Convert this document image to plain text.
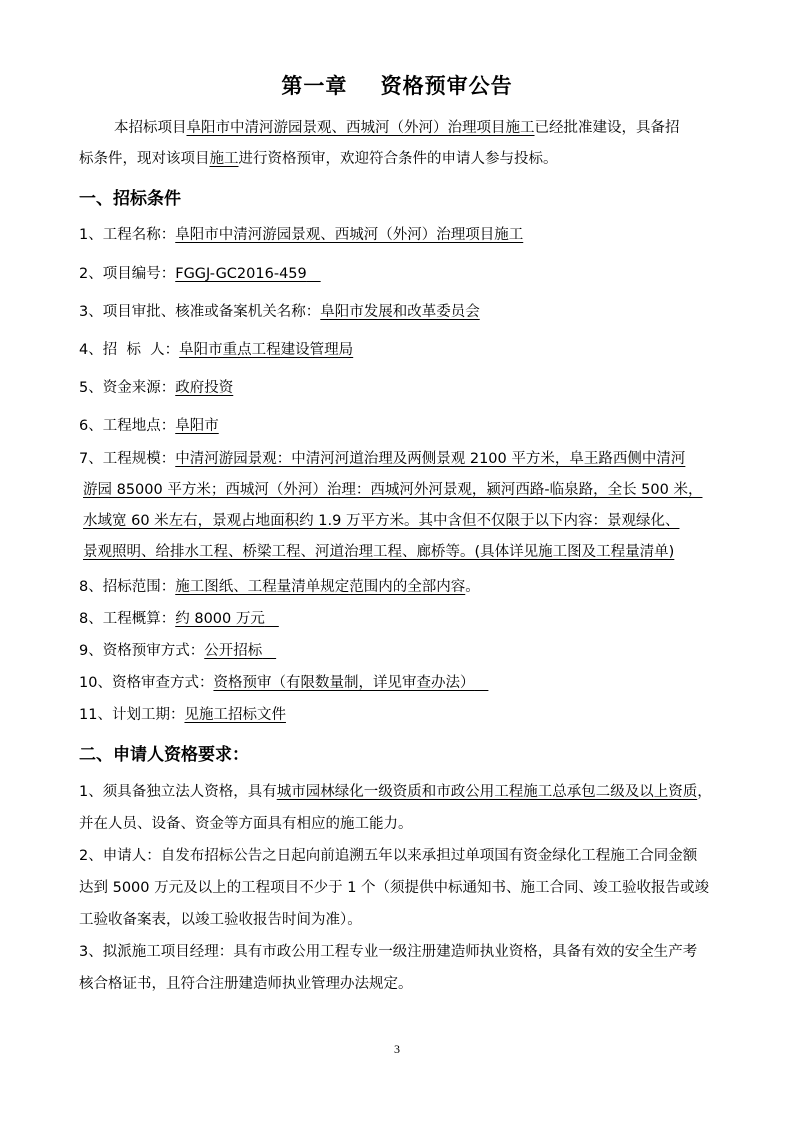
第一章    资格预审公告
本招标项目阜阳市中清河游园景观、西城河（外河）治理项目施工已经批准建设，具备招
标条件，现对该项目施工进行资格预审，欢迎符合条件的申请人参与投标。
一、招标条件
1、工程名称：阜阳市中清河游园景观、西城河（外河）治理项目施工
2、项目编号：FGGJ-GC2016-459
3、项目审批、核准或备案机关名称：阜阳市发展和改革委员会
4、招  标  人：阜阳市重点工程建设管理局
5、资金来源：政府投资
6、工程地点：阜阳市
7、工程规模：中清河游园景观：中清河河道治理及两侧景观 2100 平方米，阜王路西侧中清河
游园 85000 平方米；西城河（外河）治理：西城河外河景观，颍河西路-临泉路，全长 500 米，
水域宽 60 米左右，景观占地面积约 1.9 万平方米。其中含但不仅限于以下内容：景观绿化、
景观照明、给排水工程、桥梁工程、河道治理工程、廊桥等。(具体详见施工图及工程量清单)
8、招标范围：施工图纸、工程量清单规定范围内的全部内容。
8、工程概算：约 8000 万元
9、资格预审方式：公开招标
10、资格审查方式：资格预审（有限数量制，详见审查办法）
11、计划工期：见施工招标文件
二、申请人资格要求：
1、须具备独立法人资格，具有城市园林绿化一级资质和市政公用工程施工总承包二级及以上资质，
并在人员、设备、资金等方面具有相应的施工能力。
2、申请人：自发布招标公告之日起向前追溯五年以来承担过单项国有资金绿化工程施工合同金额
达到 5000 万元及以上的工程项目不少于 1 个（须提供中标通知书、施工合同、竣工验收报告或竣
工验收备案表，以竣工验收报告时间为准）。
3、拟派施工项目经理：具有市政公用工程专业一级注册建造师执业资格，具备有效的安全生产考
核合格证书，且符合注册建造师执业管理办法规定。
3
